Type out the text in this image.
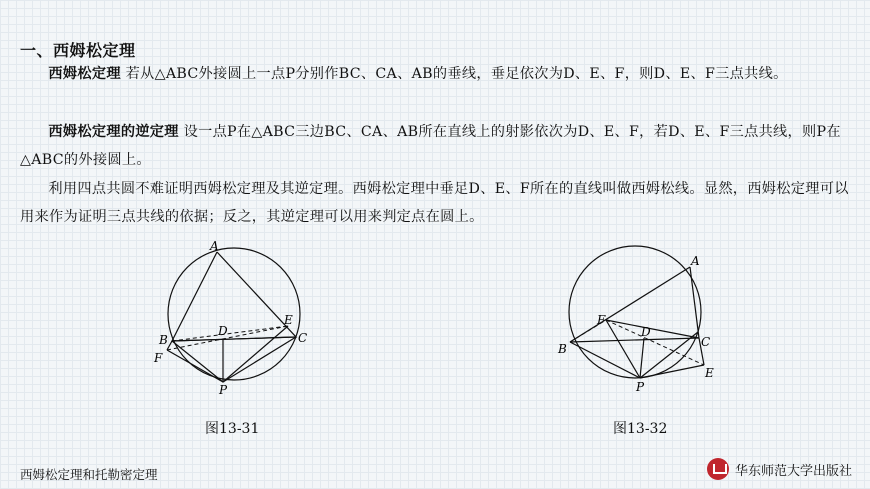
一、西姆松定理
西姆松定理 若从△ABC外接圆上一点P分别作BC、CA、AB的垂线，垂足依次为D、E、F，则D、E、F三点共线。
西姆松定理的逆定理 设一点P在△ABC三边BC、CA、AB所在直线上的射影依次为D、E、F，若D、E、F三点共线，则P在△ABC的外接圆上。
利用四点共圆不难证明西姆松定理及其逆定理。西姆松定理中垂足D、E、F所在的直线叫做西姆松线。显然，西姆松定理可以用来作为证明三点共线的依据；反之，其逆定理可以用来判定点在圆上。
A
B	C
D
E
F
P
A
B	C
D
E
F
P
图13-31	图13-32
西姆松定理和托勒密定理	华东师范大学出版社
